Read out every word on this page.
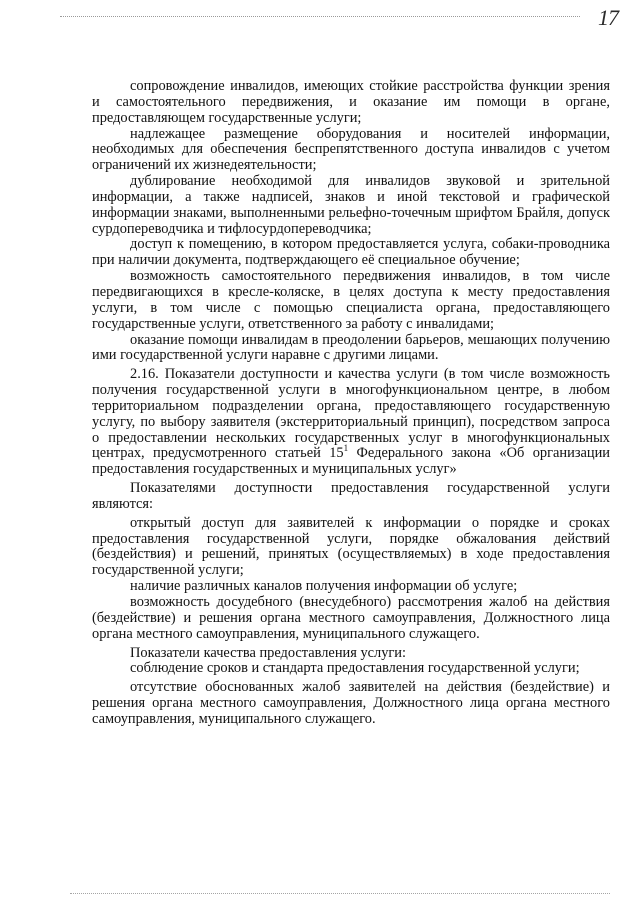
17

сопровождение инвалидов, имеющих стойкие расстройства функции зрения и самостоятельного передвижения, и оказание им помощи в органе, предоставляющем государственные услуги;

надлежащее размещение оборудования и носителей информации, необходимых для обеспечения беспрепятственного доступа инвалидов с учетом ограничений их жизнедеятельности;

дублирование необходимой для инвалидов звуковой и зрительной информации, а также надписей, знаков и иной текстовой и графической информации знаками, выполненными рельефно-точечным шрифтом Брайля, допуск сурдопереводчика и тифлосурдопереводчика;

доступ к помещению, в котором предоставляется услуга, собаки-проводника при наличии документа, подтверждающего её специальное обучение;

возможность самостоятельного передвижения инвалидов, в том числе передвигающихся в кресле-коляске, в целях доступа к месту предоставления услуги, в том числе с помощью специалиста органа, предоставляющего государственные услуги, ответственного за работу с инвалидами;

оказание помощи инвалидам в преодолении барьеров, мешающих получению ими государственной услуги наравне с другими лицами.

2.16. Показатели доступности и качества услуги (в том числе возможность получения государственной услуги в многофункциональном центре, в любом территориальном подразделении органа, предоставляющего государственную услугу, по выбору заявителя (экстерриториальный принцип), посредством запроса о предоставлении нескольких государственных услуг в многофункциональных центрах, предусмотренного статьей $15^1$ Федерального закона «Об организации предоставления государственных и муниципальных услуг»

Показателями доступности предоставления государственной услуги являются:

открытый доступ для заявителей к информации о порядке и сроках предоставления государственной услуги, порядке обжалования действий (бездействия) и решений, принятых (осуществляемых) в ходе предоставления государственной услуги;

наличие различных каналов получения информации об услуге;

возможность досудебного (внесудебного) рассмотрения жалоб на действия (бездействие) и решения органа местного самоуправления, Должностного лица органа местного самоуправления, муниципального служащего.

Показатели качества предоставления услуги:

соблюдение сроков и стандарта предоставления государственной услуги;

отсутствие обоснованных жалоб заявителей на действия (бездействие) и решения органа местного самоуправления, Должностного лица органа местного самоуправления, муниципального служащего.
